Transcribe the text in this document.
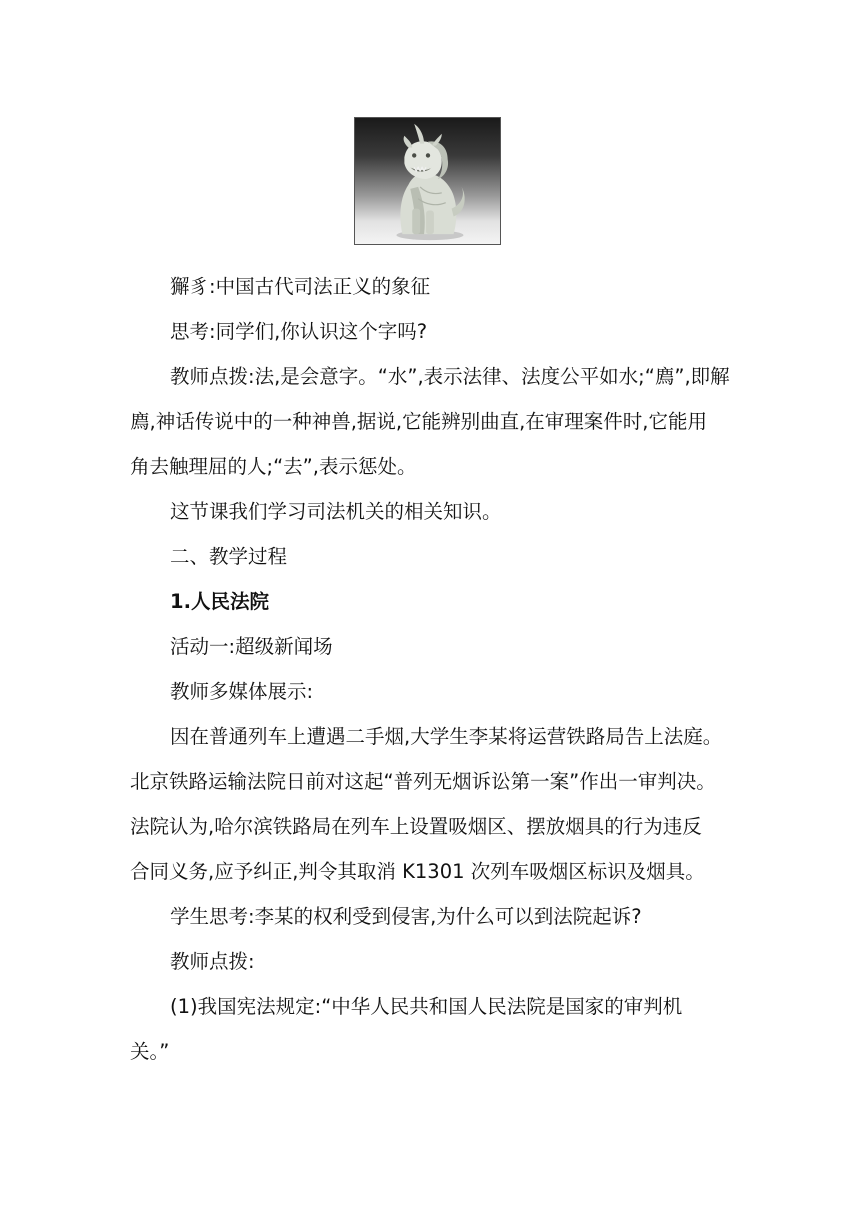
獬豸:中国古代司法正义的象征

思考:同学们,你认识这个字吗?

教师点拨:法,是会意字。“水”,表示法律、法度公平如水;“廌”,即解
廌,神话传说中的一种神兽,据说,它能辨别曲直,在审理案件时,它能用
角去触理屈的人;“去”,表示惩处。

这节课我们学习司法机关的相关知识。

二、教学过程

1.人民法院

活动一:超级新闻场

教师多媒体展示:

因在普通列车上遭遇二手烟,大学生李某将运营铁路局告上法庭。
北京铁路运输法院日前对这起“普列无烟诉讼第一案”作出一审判决。
法院认为,哈尔滨铁路局在列车上设置吸烟区、摆放烟具的行为违反
合同义务,应予纠正,判令其取消 K1301 次列车吸烟区标识及烟具。

学生思考:李某的权利受到侵害,为什么可以到法院起诉?

教师点拨:

(1)我国宪法规定:“中华人民共和国人民法院是国家的审判机
关。”
